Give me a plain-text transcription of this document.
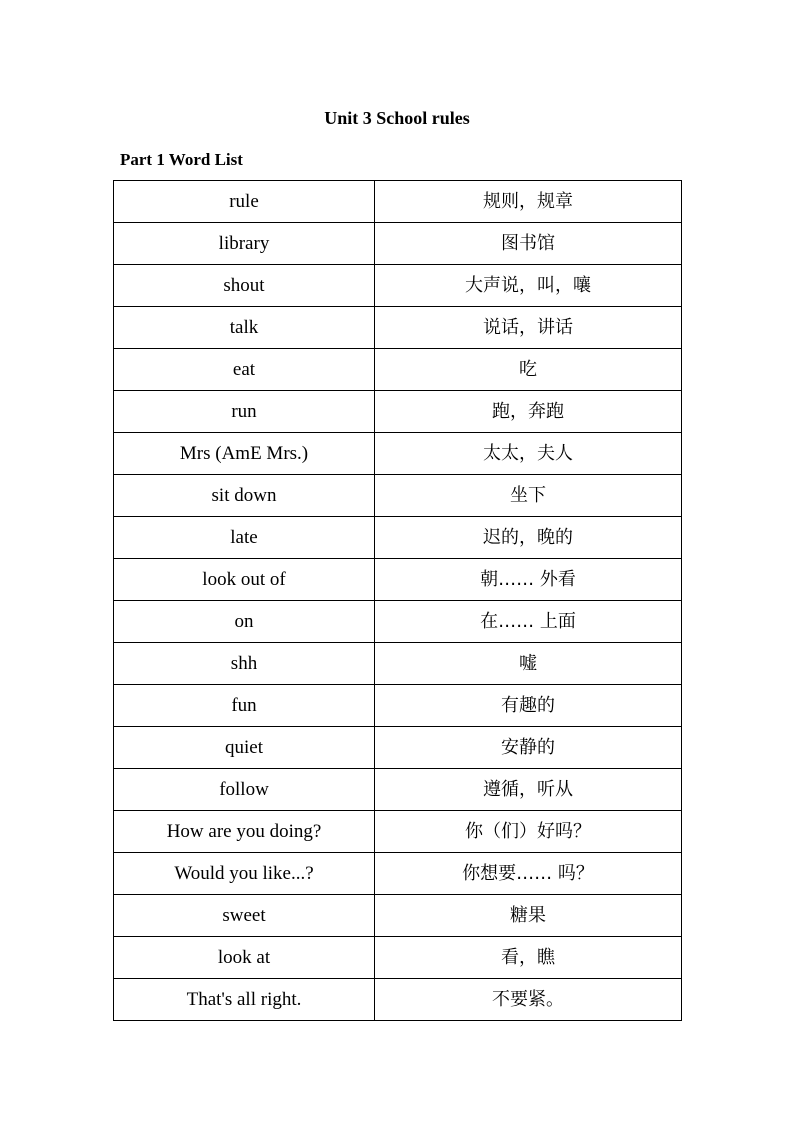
Unit 3 School rules
Part 1 Word List
rule	规则，规章
library	图书馆
shout	大声说，叫，嚷
talk	说话，讲话
eat	吃
run	跑，奔跑
Mrs (AmE Mrs.)	太太，夫人
sit down	坐下
late	迟的，晚的
look out of	朝…… 外看
on	在…… 上面
shh	嘘
fun	有趣的
quiet	安静的
follow	遵循，听从
How are you doing?	你（们）好吗？
Would you like...?	你想要…… 吗？
sweet	糖果
look at	看，瞧
That's all right.	不要紧。
